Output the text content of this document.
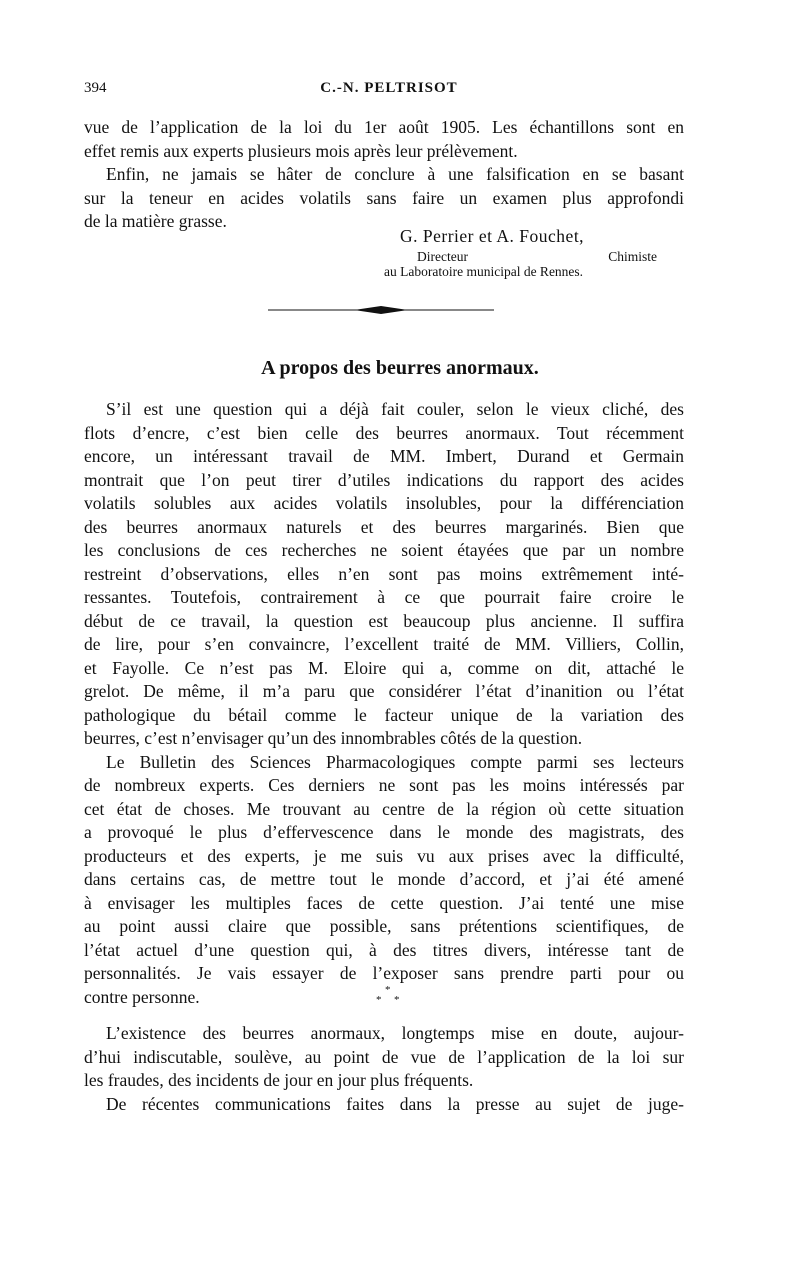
394	C.-N. PELTRISOT
vue de l’application de la loi du 1er août 1905. Les échantillons sont en
effet remis aux experts plusieurs mois après leur prélèvement.
Enfin, ne jamais se hâter de conclure à une falsification en se basant
sur la teneur en acides volatils sans faire un examen plus approfondi
de la matière grasse.
G. Perrier et A. Fouchet,
Directeur	Chimiste
au Laboratoire municipal de Rennes.
A propos des beurres anormaux.
S’il est une question qui a déjà fait couler, selon le vieux cliché, des
flots d’encre, c’est bien celle des beurres anormaux. Tout récemment
encore, un intéressant travail de MM. Imbert, Durand et Germain
montrait que l’on peut tirer d’utiles indications du rapport des acides
volatils solubles aux acides volatils insolubles, pour la différenciation
des beurres anormaux naturels et des beurres margarinés. Bien que
les conclusions de ces recherches ne soient étayées que par un nombre
restreint d’observations, elles n’en sont pas moins extrêmement inté-
ressantes. Toutefois, contrairement à ce que pourrait faire croire le
début de ce travail, la question est beaucoup plus ancienne. Il suffira
de lire, pour s’en convaincre, l’excellent traité de MM. Villiers, Collin,
et Fayolle. Ce n’est pas M. Eloire qui a, comme on dit, attaché le
grelot. De même, il m’a paru que considérer l’état d’inanition ou l’état
pathologique du bétail comme le facteur unique de la variation des
beurres, c’est n’envisager qu’un des innombrables côtés de la question.
Le Bulletin des Sciences Pharmacologiques compte parmi ses lecteurs
de nombreux experts. Ces derniers ne sont pas les moins intéressés par
cet état de choses. Me trouvant au centre de la région où cette situation
a provoqué le plus d’effervescence dans le monde des magistrats, des
producteurs et des experts, je me suis vu aux prises avec la difficulté,
dans certains cas, de mettre tout le monde d’accord, et j’ai été amené
à envisager les multiples faces de cette question. J’ai tenté une mise
au point aussi claire que possible, sans prétentions scientifiques, de
l’état actuel d’une question qui, à des titres divers, intéresse tant de
personnalités. Je vais essayer de l’exposer sans prendre parti pour ou
contre personne.	*
* *
L’existence des beurres anormaux, longtemps mise en doute, aujour-
d’hui indiscutable, soulève, au point de vue de l’application de la loi sur
les fraudes, des incidents de jour en jour plus fréquents.
De récentes communications faites dans la presse au sujet de juge-
